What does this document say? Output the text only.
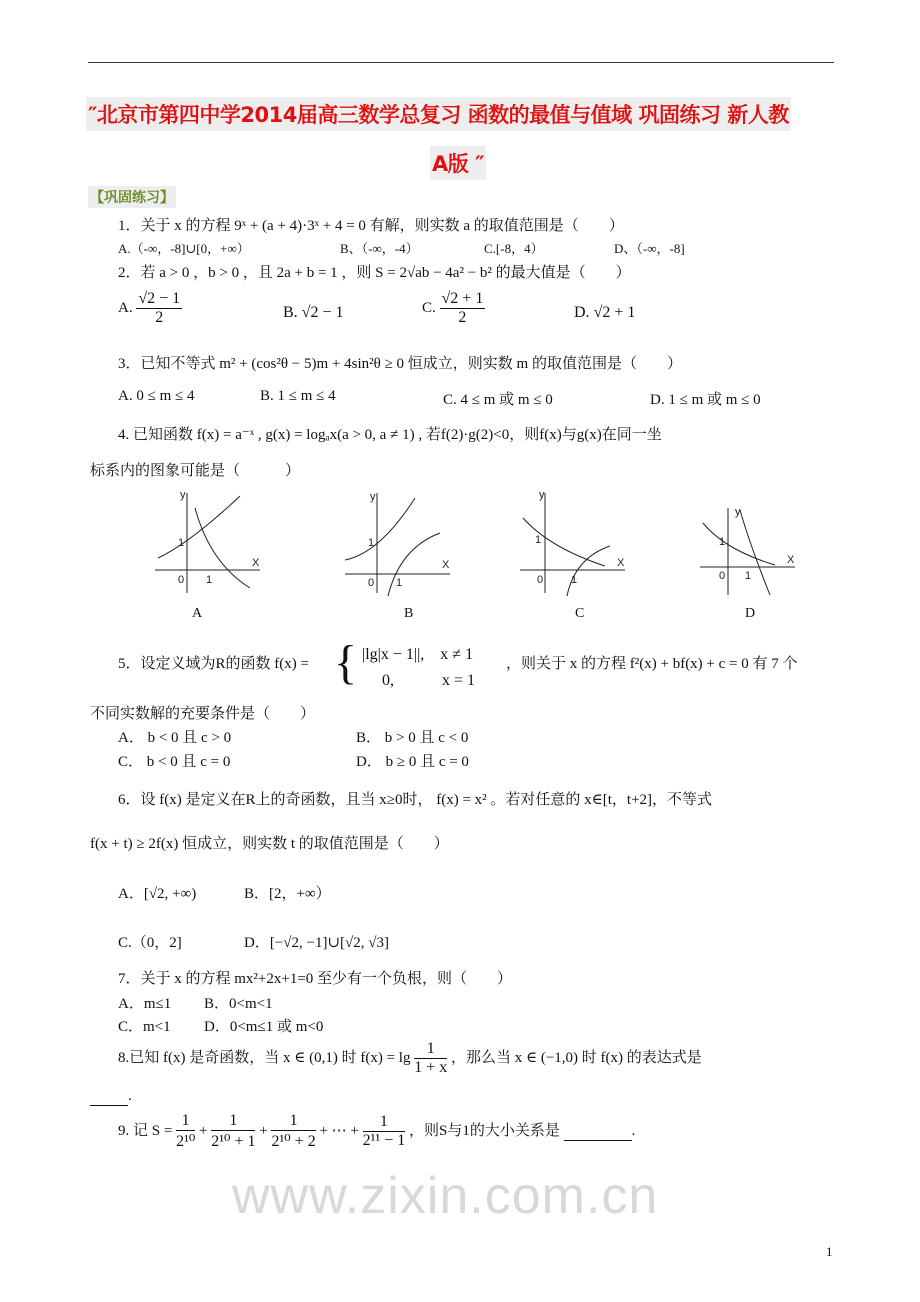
″北京市第四中学2014届高三数学总复习 函数的最值与值域 巩固练习 新人教
A版 ″
【巩固练习】
1．关于 x 的方程 9ˣ + (a + 4)·3ˣ + 4 = 0 有解，则实数 a 的取值范围是（　　）
A.（-∞，-8]∪[0，+∞）	B、（-∞，-4）	C.[-8，4）	D、（-∞，-8]
2．若 a > 0 ，b > 0 ，且 2a + b = 1 ，则 S = 2√ab − 4a² − b² 的最大值是（　　）
A. $\frac{√2 - 1}{2}$	B. √2 − 1	C. $\frac{√2 + 1}{2}$	D. √2 + 1
3．已知不等式 m² + (cos²θ − 5)m + 4sin²θ ≥ 0 恒成立，则实数 m 的取值范围是（　　）
A. 0 ≤ m ≤ 4	B. 1 ≤ m ≤ 4	C. 4 ≤ m 或 m ≤ 0	D. 1 ≤ m 或 m ≤ 0
4. 已知函数 f(x) = a⁻ˣ , g(x) = logₐx(a > 0, a ≠ 1) , 若f(2)·g(2)<0，则f(x)与g(x)在同一坐
标系内的图象可能是（　　　）
y
X
1
0 1
y
X
1
0 1
y
X
1
0	1
y
X
1
0 1
A	B	C	D
5．设定义域为R的函数 f(x) = { |lg|x − 1||,　x ≠ 1
0,　　　x = 1
，则关于 x 的方程 f²(x) + bf(x) + c = 0 有 7 个
不同实数解的充要条件是（　　）
A． b < 0 且 c > 0	B． b > 0 且 c < 0
C． b < 0 且 c = 0	D． b ≥ 0 且 c = 0
6．设 f(x) 是定义在R上的奇函数，且当 x≥0时， f(x) = x² 。若对任意的 x∈[t，t+2]，不等式
f(x + t) ≥ 2f(x) 恒成立，则实数 t 的取值范围是（　　）
A．[√2, +∞)	B．[2，+∞）
C.（0，2]	D．[−√2, −1]∪[√2, √3]
7．关于 x 的方程 mx²+2x+1=0 至少有一个负根，则（　　）
A．m≤1 B．0<m<1
C．m<1 D．0<m≤1 或 m<0
8.已知 f(x) 是奇函数，当 x ∈ (0,1) 时 $f(x) = \lg \frac{1}{1 + x}$ ，那么当 x ∈ (−1,0) 时 f(x) 的表达式是
.
9. 记 $S = \frac{1}{\text{2¹⁰}} + \frac{1}{\text{2¹⁰ + 1}} + \frac{1}{\text{2¹⁰ + 2}}$ + ⋯ + $\frac{1}{\text{2¹¹ − 1}}$ ，则S与1的大小关系是	.
www.zixin.com.cn
1
